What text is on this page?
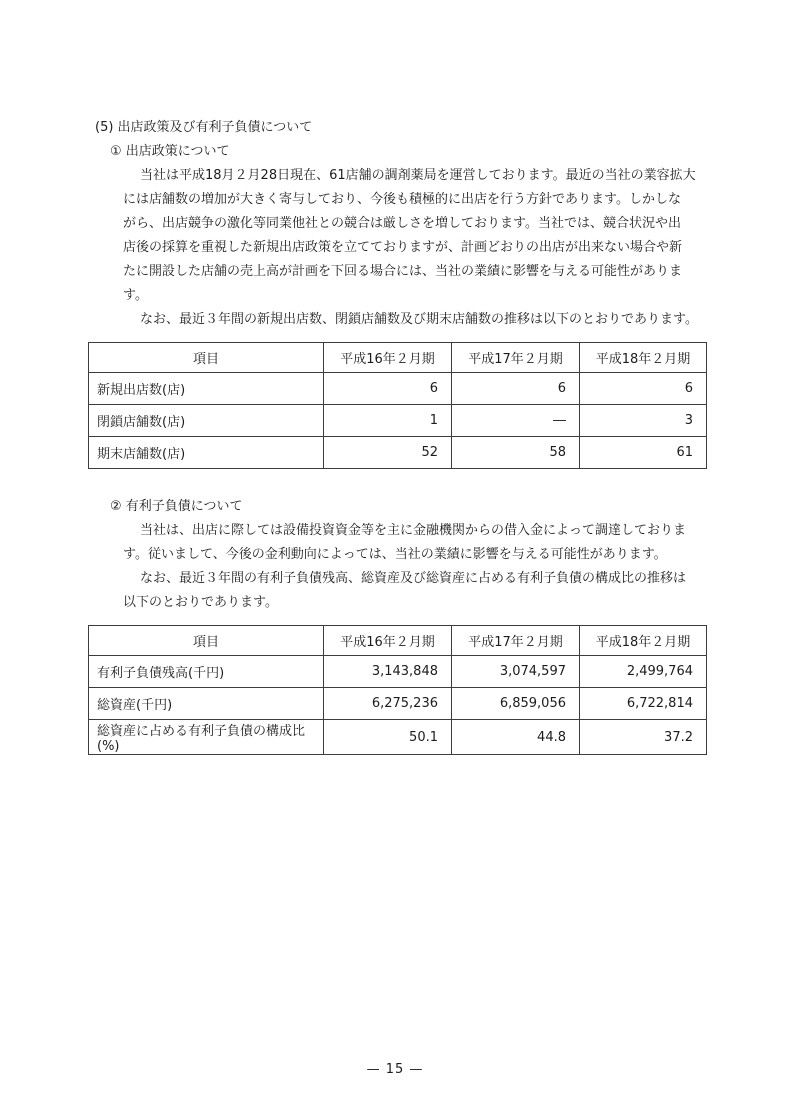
(5) 出店政策及び有利子負債について
① 出店政策について
当社は平成18月２月28日現在、61店舗の調剤薬局を運営しております。最近の当社の業容拡大
には店舗数の増加が大きく寄与しており、今後も積極的に出店を行う方針であります。しかしな
がら、出店競争の激化等同業他社との競合は厳しさを増しております。当社では、競合状況や出
店後の採算を重視した新規出店政策を立てておりますが、計画どおりの出店が出来ない場合や新
たに開設した店舗の売上高が計画を下回る場合には、当社の業績に影響を与える可能性がありま
す。
なお、最近３年間の新規出店数、閉鎖店舗数及び期末店舗数の推移は以下のとおりであります。
項目	平成16年２月期	平成17年２月期	平成18年２月期
新規出店数(店)	6	6	6
閉鎖店舗数(店)	1	―	3
期末店舗数(店)	52	58	61
② 有利子負債について
当社は、出店に際しては設備投資資金等を主に金融機関からの借入金によって調達しておりま
す。従いまして、今後の金利動向によっては、当社の業績に影響を与える可能性があります。
なお、最近３年間の有利子負債残高、総資産及び総資産に占める有利子負債の構成比の推移は
以下のとおりであります。
項目	平成16年２月期	平成17年２月期	平成18年２月期
有利子負債残高(千円)	3,143,848	3,074,597	2,499,764
総資産(千円)	6,275,236	6,859,056	6,722,814
総資産に占める有利子負債の構成比(%)	50.1	44.8	37.2
— 15 —
